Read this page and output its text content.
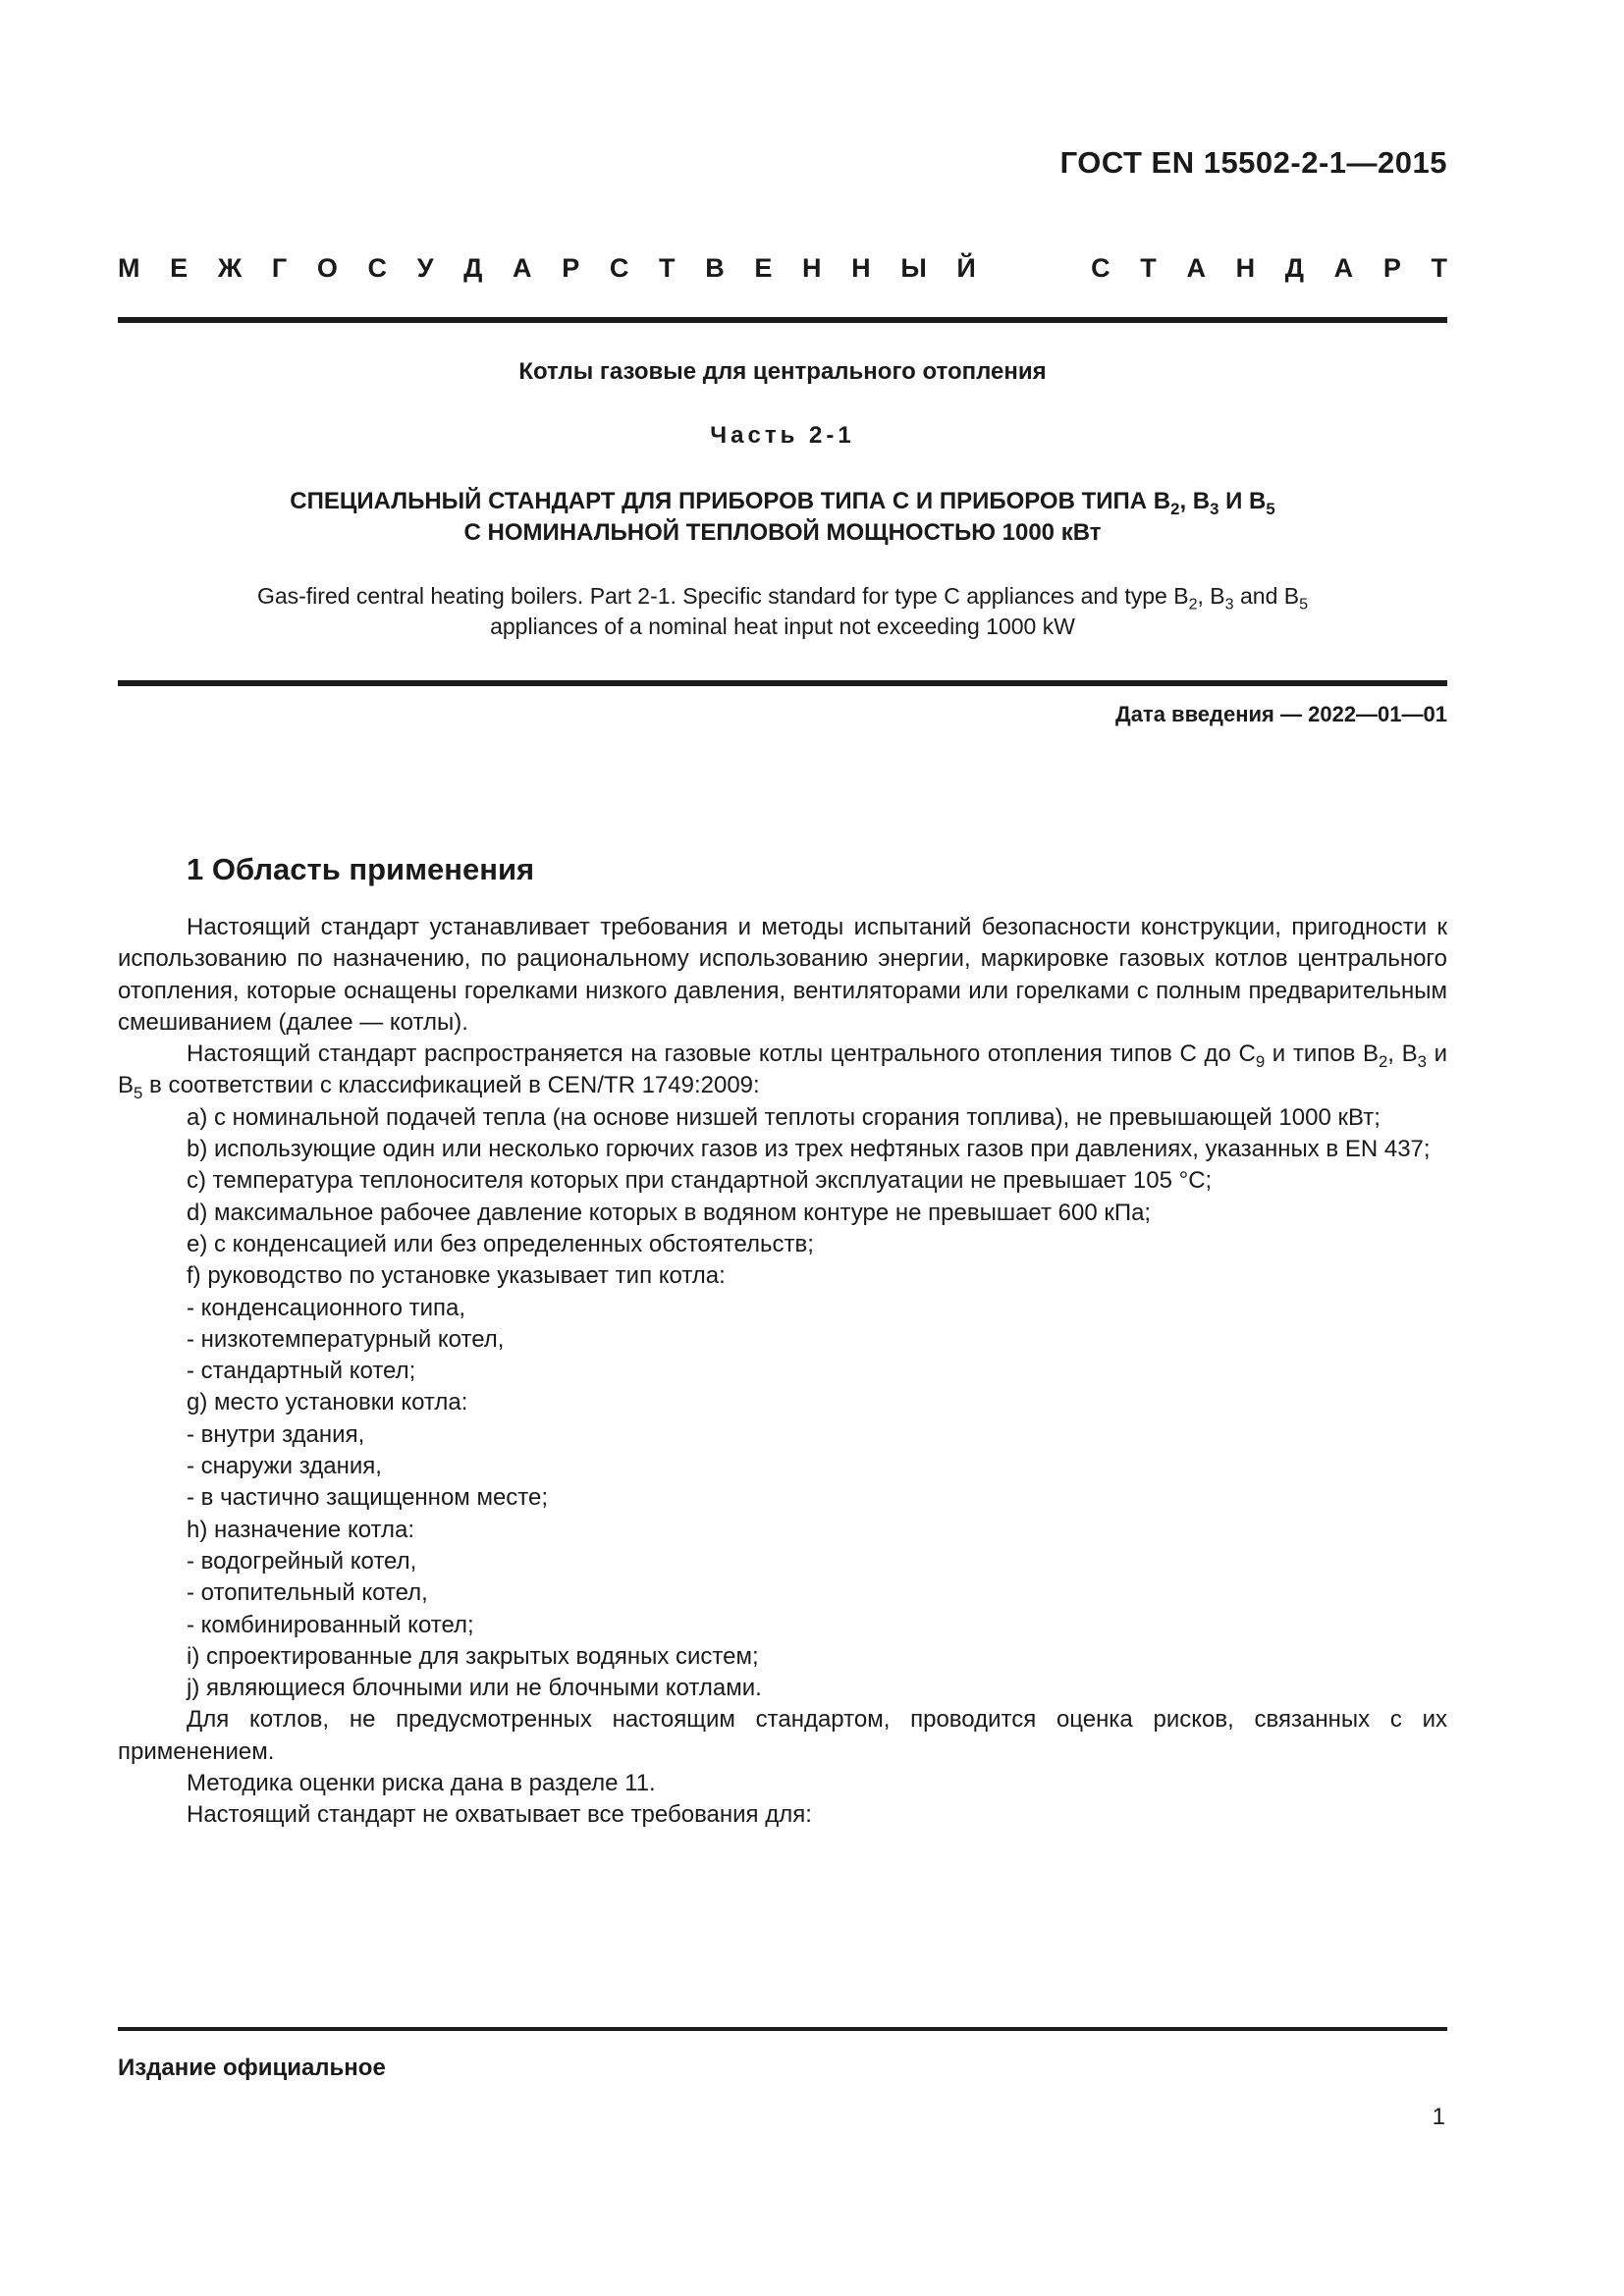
ГОСТ EN 15502-2-1—2015
М Е Ж Г О С У Д А Р С Т В Е Н Н Ы Й	С Т А Н Д А Р Т
Котлы газовые для центрального отопления
Часть 2-1
СПЕЦИАЛЬНЫЙ СТАНДАРТ ДЛЯ ПРИБОРОВ ТИПА C И ПРИБОРОВ ТИПА $B_2$, $B_3$ И $B_5$
С НОМИНАЛЬНОЙ ТЕПЛОВОЙ МОЩНОСТЬЮ 1000 кВт
Gas-fired central heating boilers. Part 2-1. Specific standard for type C appliances and type $B_2$, $B_3$ and $B_5$
appliances of a nominal heat input not exceeding 1000 kW
Дата введения — 2022—01—01
1 Область применения

Настоящий стандарт устанавливает требования и методы испытаний безопасности конструкции, пригодности к использованию по назначению, по рациональному использованию энергии, маркировке газовых котлов центрального отопления, которые оснащены горелками низкого давления, вентиляторами или горелками с полным предварительным смешиванием (далее — котлы).

Настоящий стандарт распространяется на газовые котлы центрального отопления типов С до $С_9$ и типов $B_2$, $B_3$ и $B_5$ в соответствии с классификацией в CEN/TR 1749:2009:

a) с номинальной подачей тепла (на основе низшей теплоты сгорания топлива), не превышающей 1000 кВт;

b) использующие один или несколько горючих газов из трех нефтяных газов при давлениях, указанных в EN 437;

c) температура теплоносителя которых при стандартной эксплуатации не превышает 105 °С;

d) максимальное рабочее давление которых в водяном контуре не превышает 600 кПа;

e) с конденсацией или без определенных обстоятельств;

f) руководство по установке указывает тип котла:

- конденсационного типа,

- низкотемпературный котел,

- стандартный котел;

g) место установки котла:

- внутри здания,

- снаружи здания,

- в частично защищенном месте;

h) назначение котла:

- водогрейный котел,

- отопительный котел,

- комбинированный котел;

i) спроектированные для закрытых водяных систем;

j) являющиеся блочными или не блочными котлами.

Для котлов, не предусмотренных настоящим стандартом, проводится оценка рисков, связанных с их применением.

Методика оценки риска дана в разделе 11.

Настоящий стандарт не охватывает все требования для:

Издание официальное
1
